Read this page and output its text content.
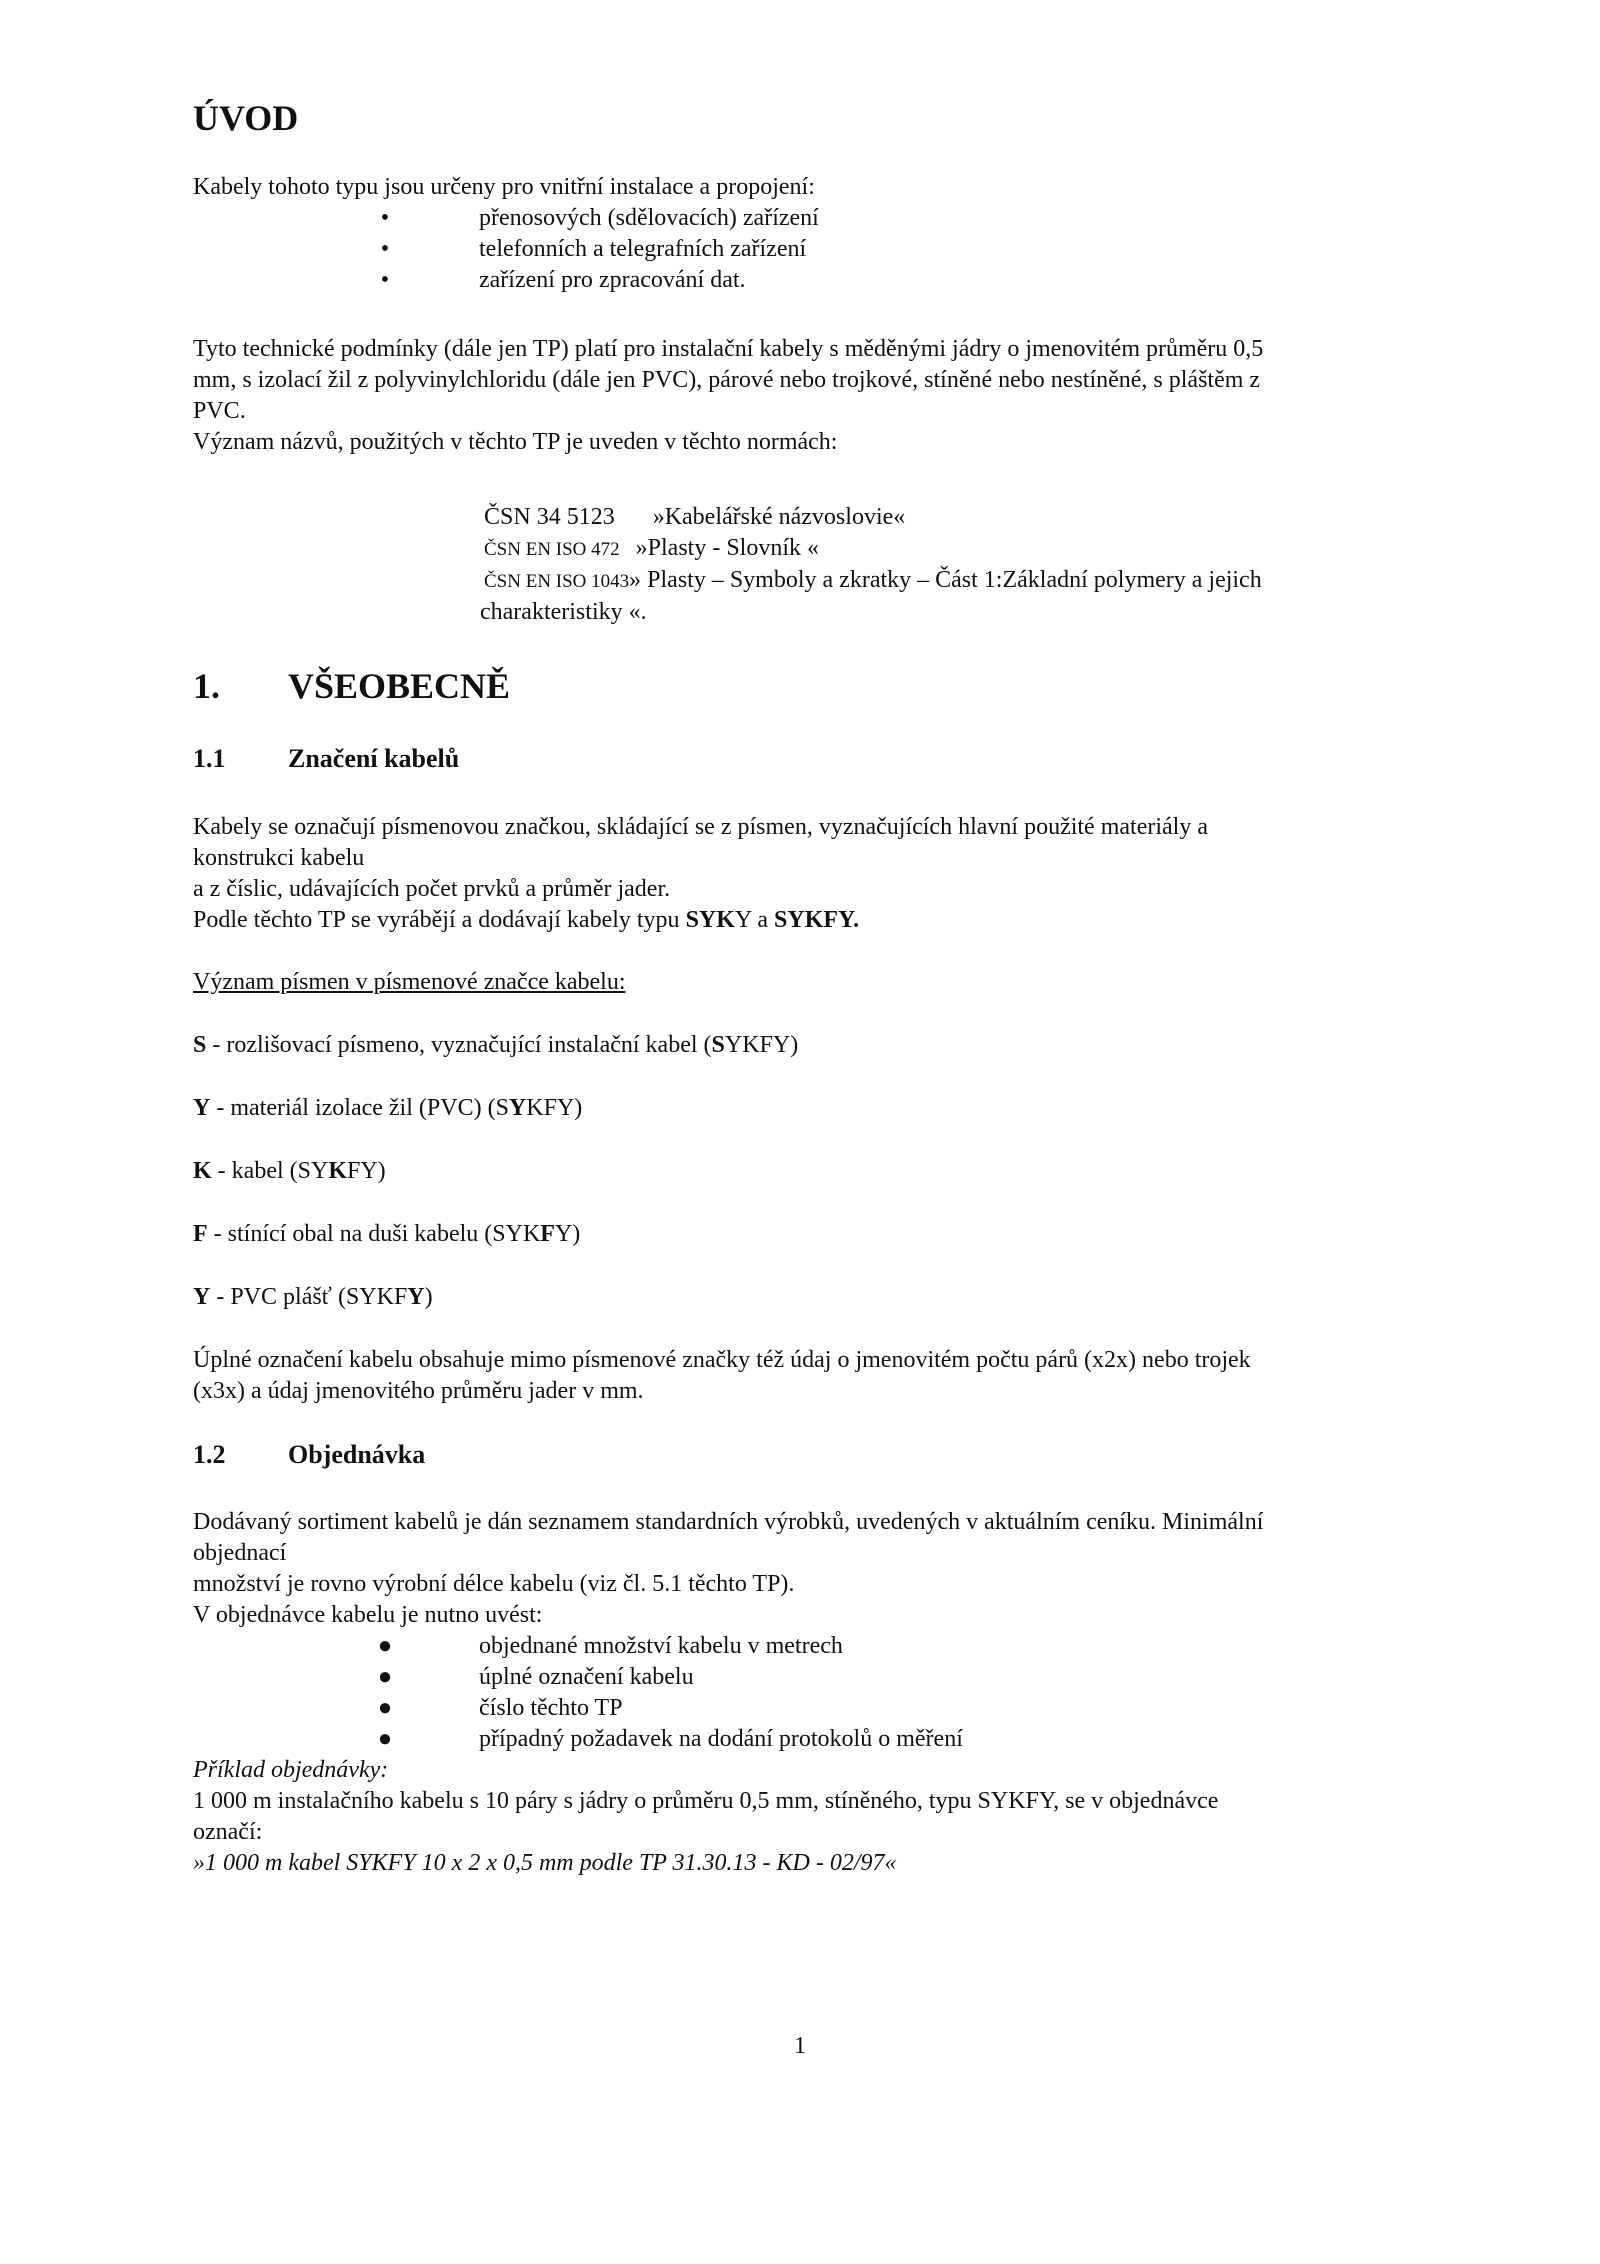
ÚVOD

Kabely tohoto typu jsou určeny pro vnitřní instalace a propojení:

•	přenosových (sdělovacích) zařízení
•	telefonních a telegrafních zařízení
•	zařízení pro zpracování dat.

Tyto technické podmínky (dále jen TP) platí pro instalační kabely s měděnými jádry o jmenovitém průměru 0,5
mm, s izolací žil z polyvinylchloridu (dále jen PVC), párové nebo trojkové, stíněné nebo nestíněné, s pláštěm z
PVC.

Význam názvů, použitých v těchto TP je uveden v těchto normách:

ČSN 34 5123 »Kabelářské názvoslovie«
ČSN EN ISO 472 »Plasty - Slovník «
ČSN EN ISO 1043» Plasty – Symboly a zkratky – Část 1:Základní polymery a jejich
charakteristiky «.
1. VŠEOBECNĚ
1.1 Značení kabelů

Kabely se označují písmenovou značkou, skládající se z písmen, vyznačujících hlavní použité materiály a
konstrukci kabelu
a z číslic, udávajících počet prvků a průměr jader.
Podle těchto TP se vyrábějí a dodávají kabely typu SYKY a SYKFY.

Význam písmen v písmenové značce kabelu:

S - rozlišovací písmeno, vyznačující instalační kabel (SYKFY)

Y - materiál izolace žil (PVC) (SYKFY)

K - kabel (SYKFY)

F - stínící obal na duši kabelu (SYKFY)

Y - PVC plášť (SYKFY)

Úplné označení kabelu obsahuje mimo písmenové značky též údaj o jmenovitém počtu párů (x2x) nebo trojek
(x3x) a údaj jmenovitého průměru jader v mm.

1.2 Objednávka

Dodávaný sortiment kabelů je dán seznamem standardních výrobků, uvedených v aktuálním ceníku. Minimální
objednací
množství je rovno výrobní délce kabelu (viz čl. 5.1 těchto TP).
V objednávce kabelu je nutno uvést:

●	objednané množství kabelu v metrech
●	úplné označení kabelu
●	číslo těchto TP
●	případný požadavek na dodání protokolů o měření

Příklad objednávky:
1 000 m instalačního kabelu s 10 páry s jádry o průměru 0,5 mm, stíněného, typu SYKFY, se v objednávce
označí:
»1 000 m kabel SYKFY 10 x 2 x 0,5 mm podle TP 31.30.13 - KD - 02/97«

1
